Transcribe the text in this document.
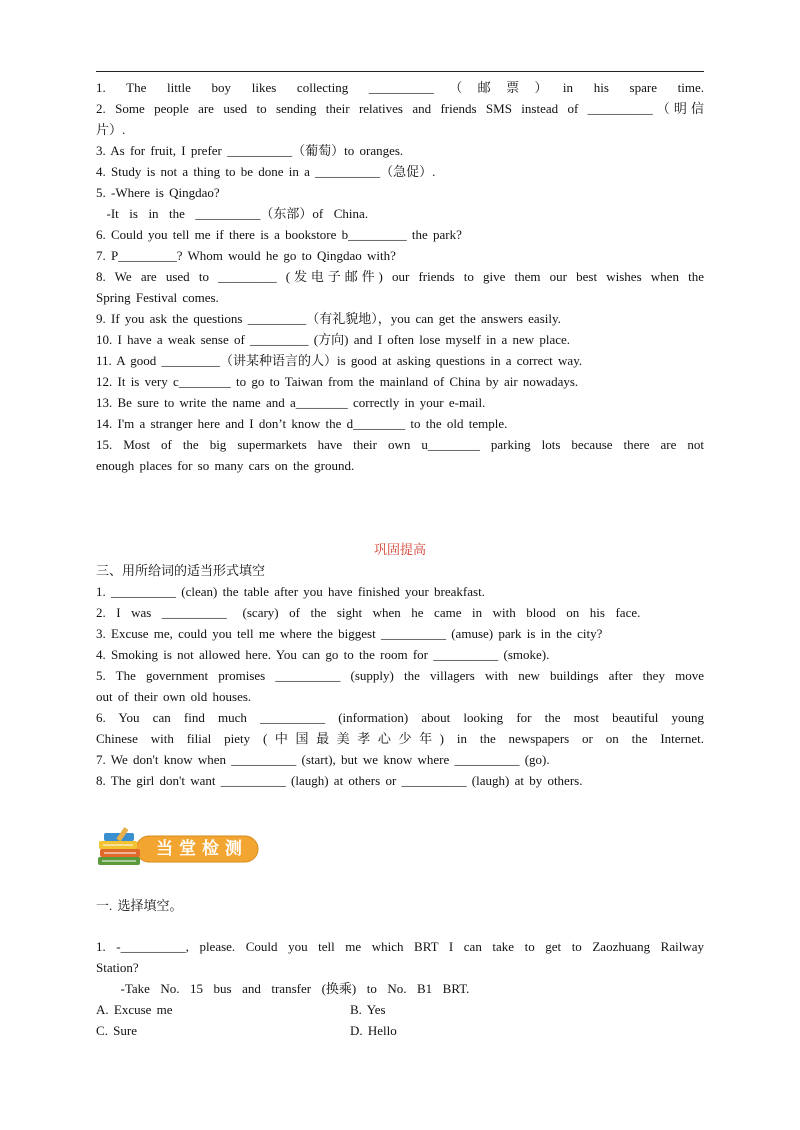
1. The little boy likes collecting __________（邮票）in his spare time.
2. Some people are used to sending their relatives and friends SMS instead of __________（明信
片）.
3. As for fruit, I prefer __________（葡萄）to oranges.
4. Study is not a thing to be done in a __________（急促）.
5. -Where is Qingdao?
-It  is  in  the  __________（东部）of  China.
6. Could you tell me if there is a bookstore b_________ the park?
7. P_________? Whom would he go to Qingdao with?
8. We are used to _________ (发电子邮件) our friends to give them our best wishes when the
Spring Festival comes.
9. If you ask the questions _________（有礼貌地），you can get the answers easily.
10. I have a weak sense of _________ (方向) and I often lose myself in a new place.
11. A good _________（讲某种语言的人）is good at asking questions in a correct way.
12. It is very c________ to go to Taiwan from the mainland of China by air nowadays.
13. Be sure to write the name and a________ correctly in your e-mail.
14. I'm a stranger here and I don’t know the d________ to the old temple.
15. Most of the big supermarkets have their own u________ parking lots because there are not
enough places for so many cars on the ground.
巩固提高
三、用所给词的适当形式填空
1. __________ (clean) the table after you have finished your breakfast.
2.  I  was  __________   (scary)  of  the  sight  when  he  came  in  with  blood  on  his  face.
3. Excuse me, could you tell me where the biggest __________ (amuse) park is in the city?
4. Smoking is not allowed here. You can go to the room for __________ (smoke).
5. The government promises __________ (supply) the villagers with new buildings after they move
out of their own old houses.
6. You can find much __________ (information) about looking for the most beautiful young
Chinese with filial piety (中国最美孝心少年) in the newspapers or on the Internet.
7. We don't know when __________ (start), but we know where __________ (go).
8. The girl don't want __________ (laugh) at others or __________ (laugh) at by others.
当 堂 检 测
一. 选择填空。
1. -__________, please. Could you tell me which BRT I can take to get to Zaozhuang Railway
Station?
-Take  No.  15  bus  and  transfer  (换乘)  to  No.  B1  BRT.
A. Excuse me	B. Yes
C. Sure	D. Hello
